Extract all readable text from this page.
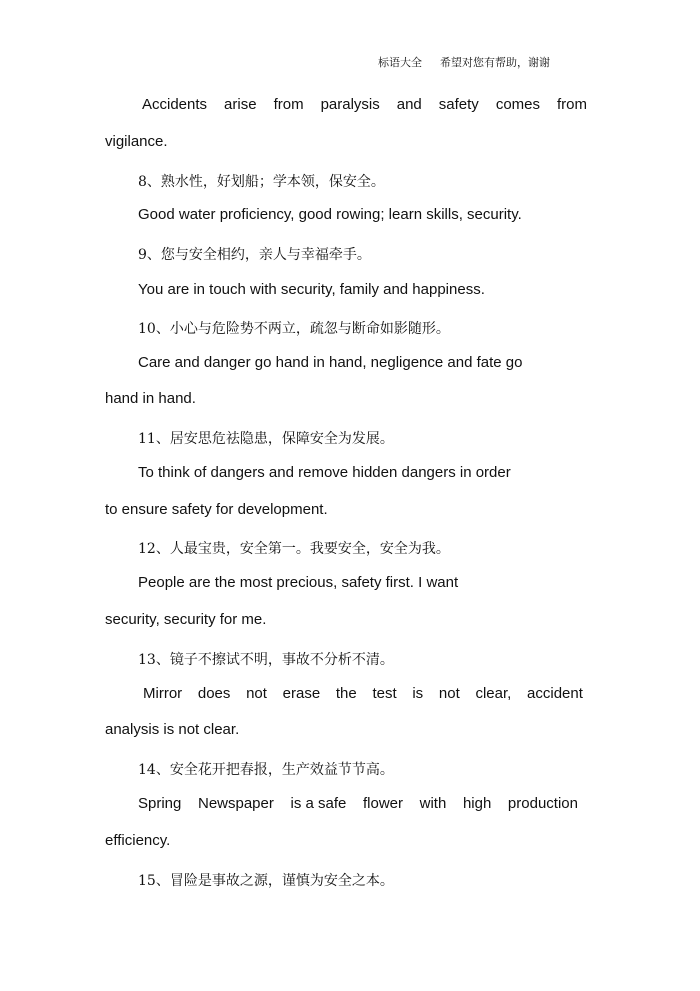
标语大全 希望对您有帮助，谢谢
Accidents arise from paralysis and safety comes from
vigilance.
8、熟水性，好划船；学本领，保安全。
Good water proficiency, good rowing; learn skills, security.
9、您与安全相约，亲人与幸福牵手。
You are in touch with security, family and happiness.
10、小心与危险势不两立，疏忽与断命如影随形。
Care and danger go hand in hand, negligence and fate go
hand in hand.
11、居安思危祛隐患，保障安全为发展。
To think of dangers and remove hidden dangers in order
to ensure safety for development.
12、人最宝贵，安全第一。我要安全，安全为我。
People are the most precious, safety first. I want
security, security for me.
13、镜子不擦试不明，事故不分析不清。
Mirror does not erase the test is not clear, accident
analysis is not clear.
14、安全花开把春报，生产效益节节高。
Spring Newspaper is a safe flower with high production
efficiency.
15、冒险是事故之源，谨慎为安全之本。
